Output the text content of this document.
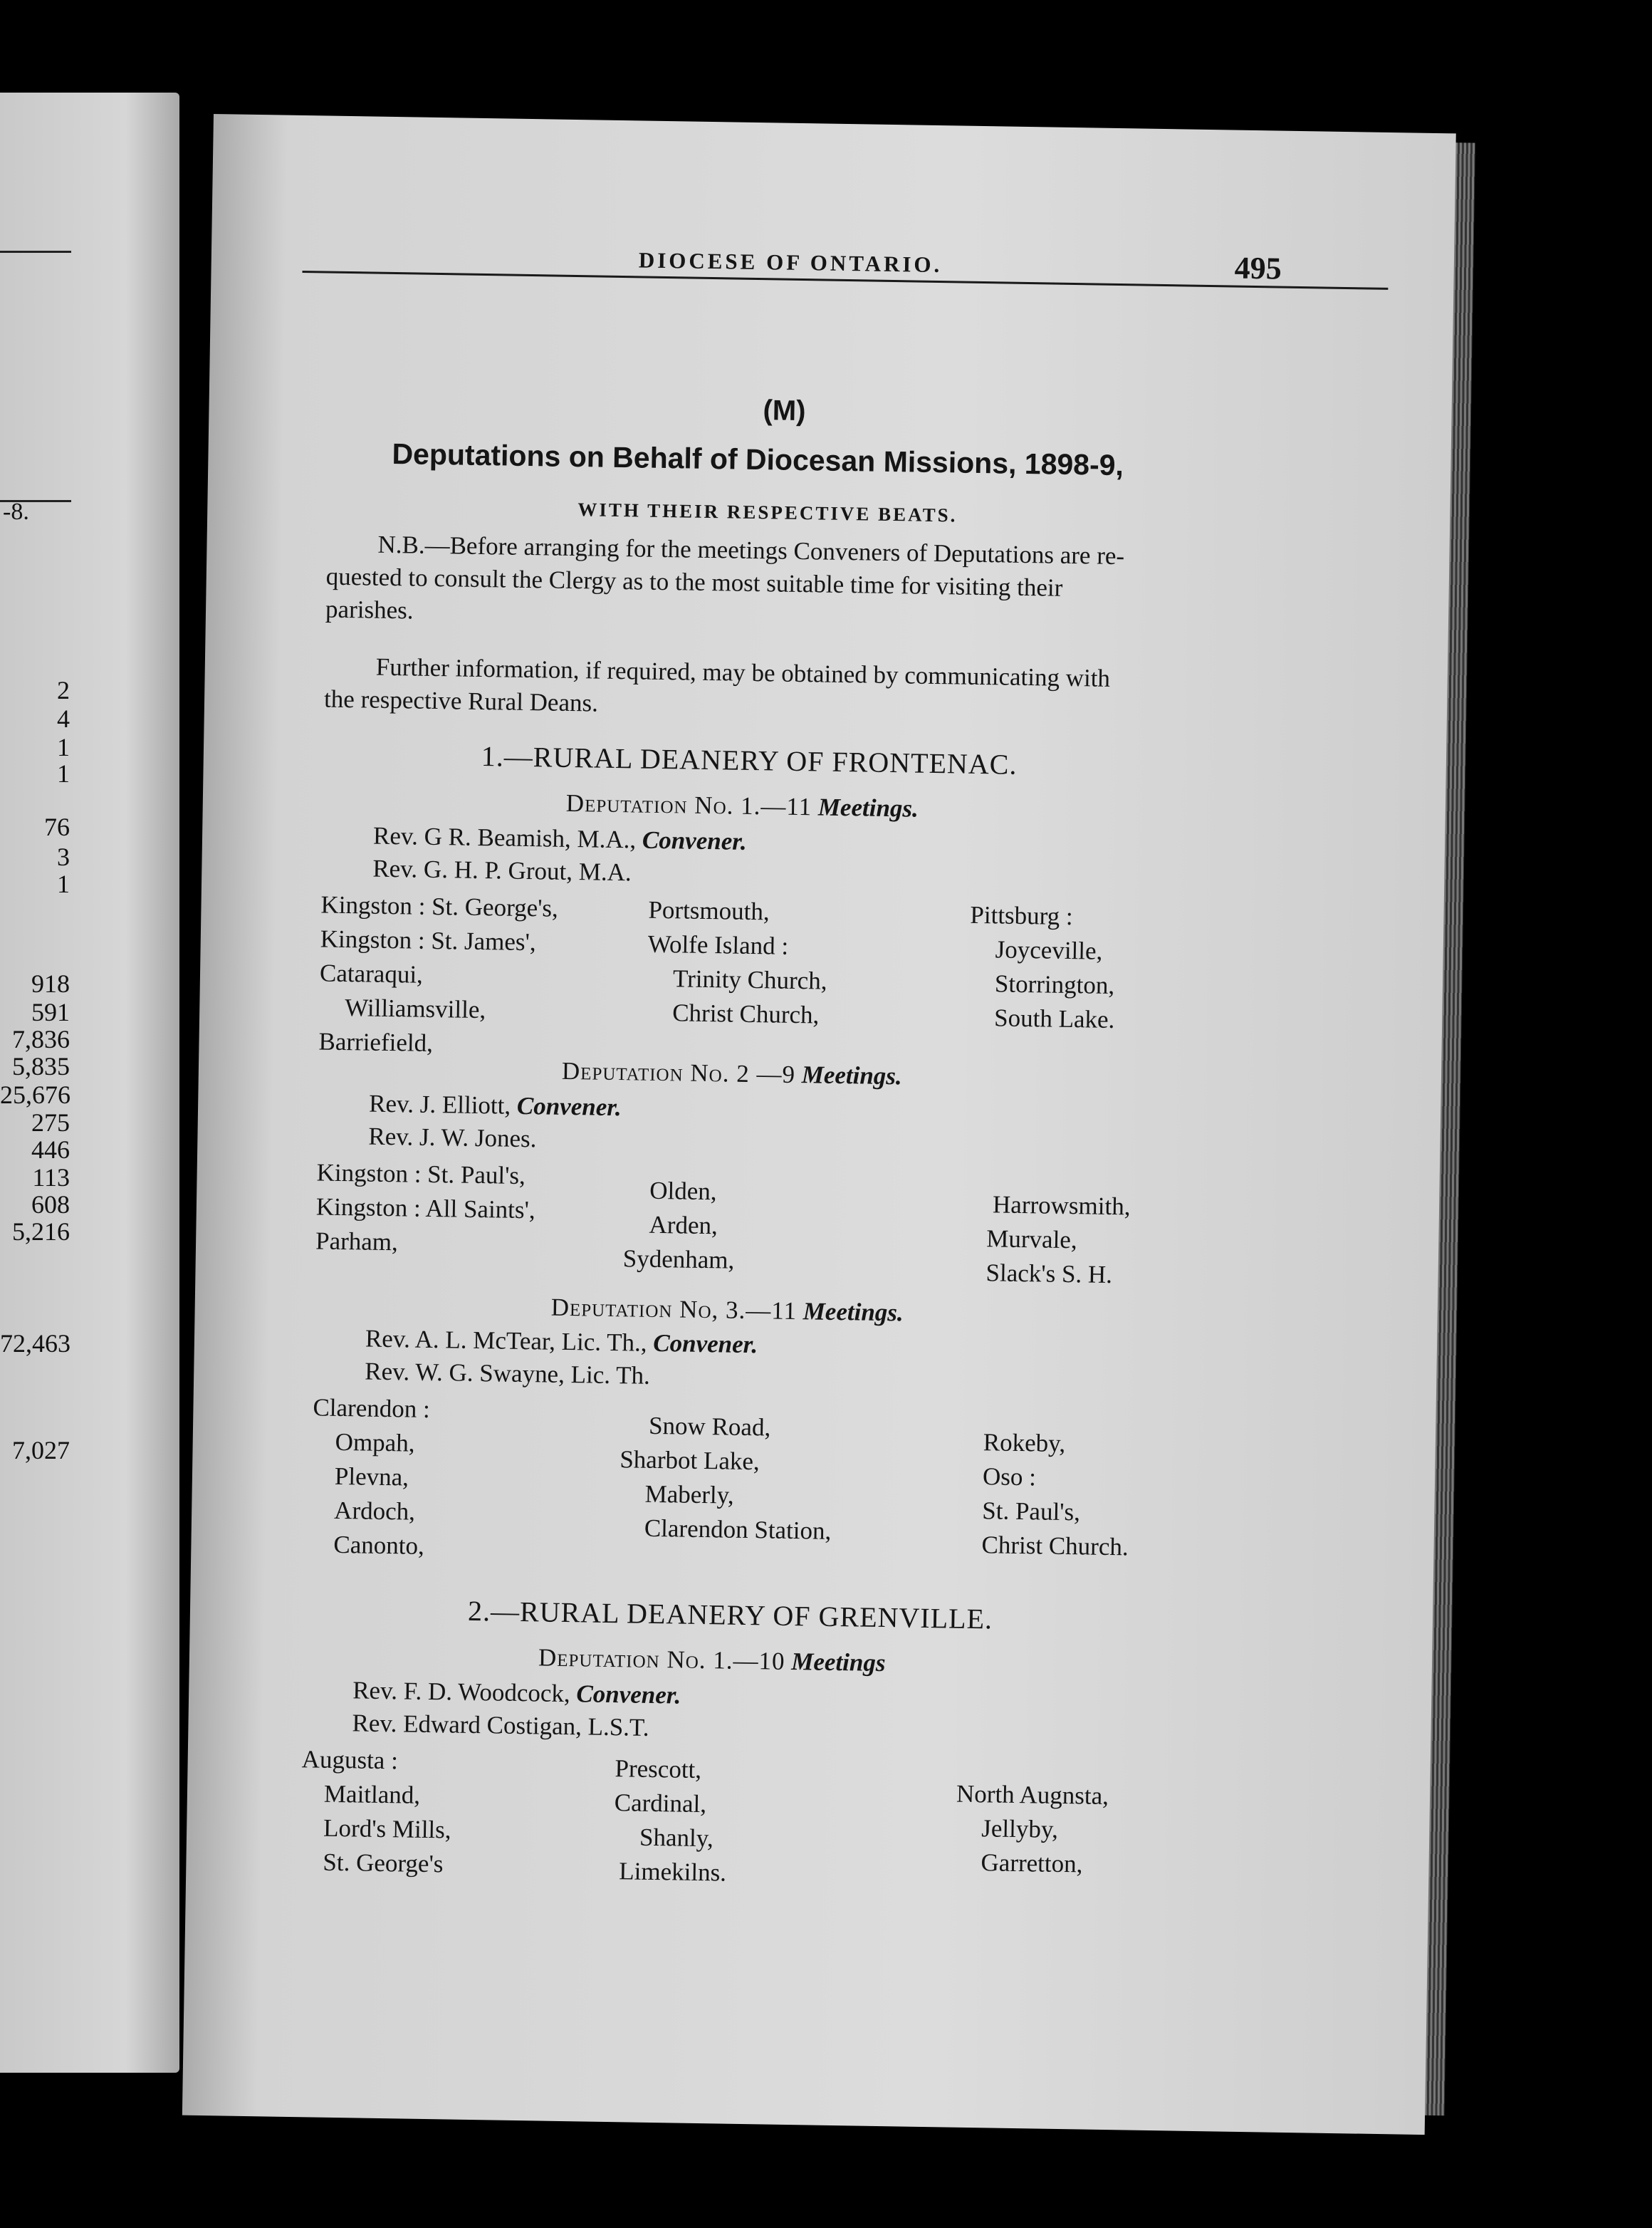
-8.
2
4
1
1
76
3
1
918
591
7,836
5,835
25,676
275
446
113
608
5,216
72,463
7,027
DIOCESE OF ONTARIO.	495
(M)
Deputations on Behalf of Diocesan Missions, 1898-9,
WITH THEIR RESPECTIVE BEATS.
N.B.—Before arranging for the meetings Conveners of Deputations are re-
quested to consult the Clergy as to the most suitable time for visiting their
parishes.
Further information, if required, may be obtained by communicating with
the respective Rural Deans.
1.—RURAL DEANERY OF FRONTENAC.
Deputation No. 1.—11 Meetings.
Rev. G R. Beamish, M.A., Convener.
Rev. G. H. P. Grout, M.A.
Kingston : St. George's,
Kingston : St. James',
Cataraqui,
Williamsville,
Barriefield,
Portsmouth,
Wolfe Island :
Trinity Church,
Christ Church,
Pittsburg :
Joyceville,
Storrington,
South Lake.
Deputation No. 2 —9 Meetings.
Rev. J. Elliott, Convener.
Rev. J. W. Jones.
Kingston : St. Paul's,
Kingston : All Saints',
Parham,
Olden,
Arden,
Sydenham,
Harrowsmith,
Murvale,
Slack's S. H.
Deputation No, 3.—11 Meetings.
Rev. A. L. McTear, Lic. Th., Convener.
Rev. W. G. Swayne, Lic. Th.
Clarendon :
Ompah,
Plevna,
Ardoch,
Canonto,
Snow Road,
Sharbot Lake,
Maberly,
Clarendon Station,
Rokeby,
Oso :
St. Paul's,
Christ Church.
2.—RURAL DEANERY OF GRENVILLE.
Deputation No. 1.—10 Meetings
Rev. F. D. Woodcock, Convener.
Rev. Edward Costigan, L.S.T.
Augusta :
Maitland,
Lord's Mills,
St. George's
Prescott,
Cardinal,
Shanly,
Limekilns.
North Augnsta,
Jellyby,
Garretton,
